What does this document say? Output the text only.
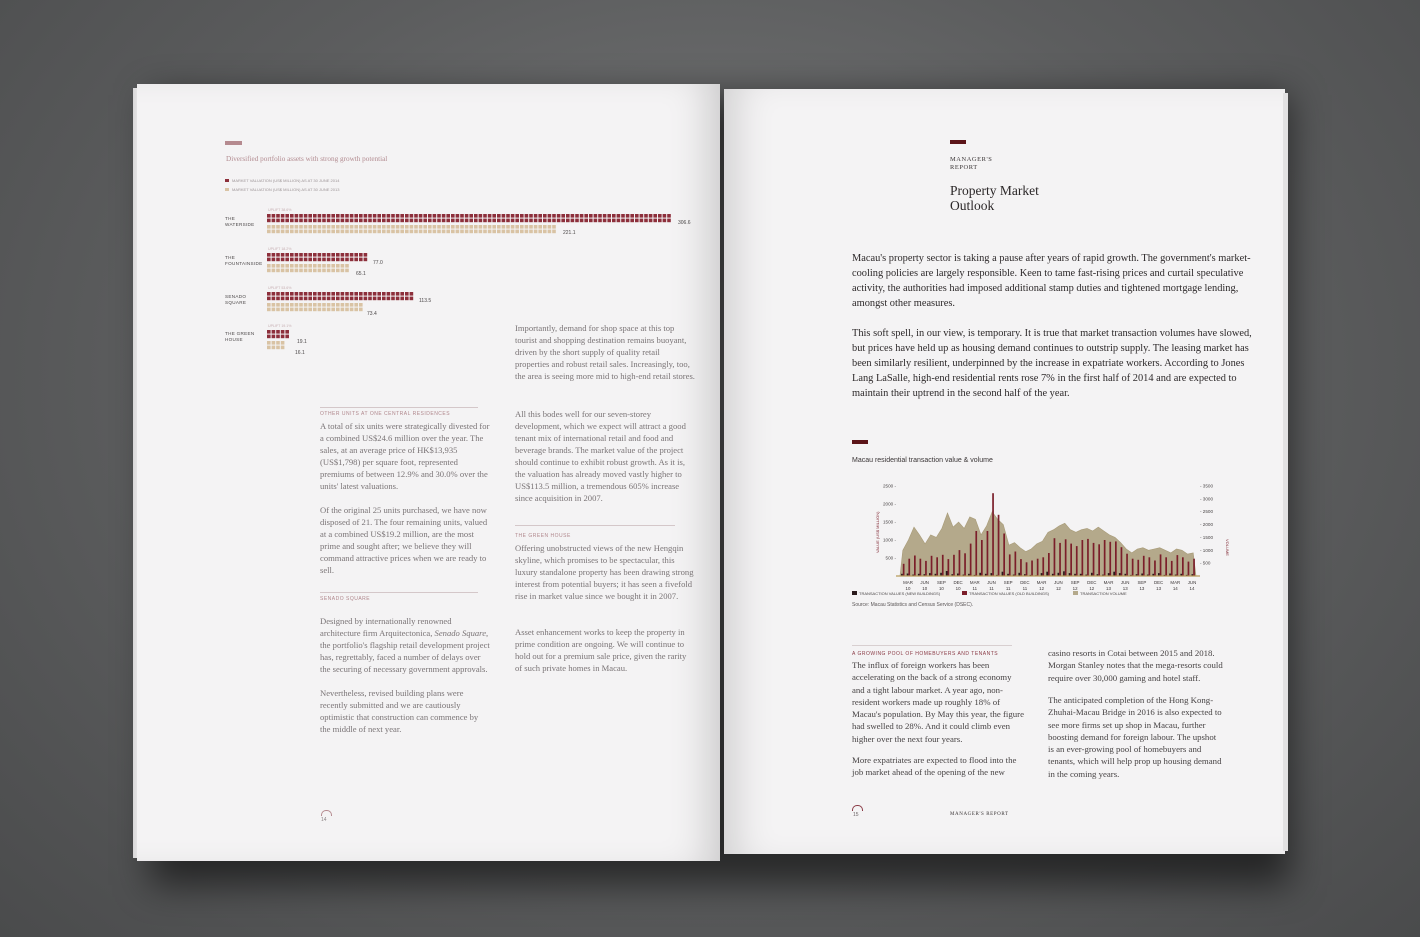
Diversified portfolio assets with strong growth potential
MARKET VALUATION (US$ MILLION) AS AT 30 JUNE 2014
MARKET VALUATION (US$ MILLION) AS AT 30 JUNE 2013
THE WATERSIDE
THE FOUNTAINSIDE
SENADO SQUARE
THE GREEN HOUSE
UPLIFT 38.6%
UPLIFT 18.2%
UPLIFT 53.6%
UPLIFT 19.1%
306.6
221.1
77.0
65.1
113.5
73.4
19.1
16.1
OTHER UNITS AT ONE CENTRAL RESIDENCES
A total of six units were strategically divested for a combined US$24.6 million over the year. The sales, at an average price of HK$13,935 (US$1,798) per square foot, represented premiums of between 12.9% and 30.0% over the units' latest valuations.
Of the original 25 units purchased, we have now disposed of 21. The four remaining units, valued at a combined US$19.2 million, are the most prime and sought after; we believe they will command attractive prices when we are ready to sell.
SENADO SQUARE
Designed by internationally renowned architecture firm Arquitectonica, Senado Square, the portfolio's flagship retail development project has, regrettably, faced a number of delays over the securing of necessary government approvals.
Nevertheless, revised building plans were recently submitted and we are cautiously optimistic that construction can commence by the middle of next year.
Importantly, demand for shop space at this top tourist and shopping destination remains buoyant, driven by the short supply of quality retail properties and robust retail sales. Increasingly, too, the area is seeing more mid to high-end retail stores.
All this bodes well for our seven-storey development, which we expect will attract a good tenant mix of international retail and food and beverage brands. The market value of the project should continue to exhibit robust growth. As it is, the valuation has already moved vastly higher to US$113.5 million, a tremendous 605% increase since acquisition in 2007.
THE GREEN HOUSE
Offering unobstructed views of the new Hengqin skyline, which promises to be spectacular, this luxury standalone property has been drawing strong interest from potential buyers; it has seen a fivefold rise in market value since we bought it in 2007.
Asset enhancement works to keep the property in prime condition are ongoing. We will continue to hold out for a premium sale price, given the rarity of such private homes in Macau.
14
MANAGER'S REPORT
Property Market
Outlook
Macau's property sector is taking a pause after years of rapid growth. The government's market-cooling policies are largely responsible. Keen to tame fast-rising prices and curtail speculative activity, the authorities had imposed additional stamp duties and tightened mortgage lending, amongst other measures.
This soft spell, in our view, is temporary. It is true that market transaction volumes have slowed, but prices have held up as housing demand continues to outstrip supply. The leasing market has been similarly resilient, underpinned by the increase in expatriate workers. According to Jones Lang LaSalle, high-end residential rents rose 7% in the first half of 2014 and are expected to maintain their uptrend in the second half of the year.
Macau residential transaction value & volume
2500 -
2000 -
1500 -
1000 -
500 -
- 3500
- 3000
- 2500
- 2000
- 1500
- 1000
- 500
VALUE (US$ MILLION)	VOLUME
MAR
10
JUN
10
SEP
10
DEC
10
MAR
11
JUN
11
SEP
11
DEC
11
MAR
12
JUN
12
SEP
12
DEC
12
MAR
13
JUN
13
SEP
13
DEC
13
MAR
14
JUN
14
TRANSACTION VALUES (NEW BUILDINGS)	TRANSACTION VALUES (OLD BUILDINGS)	TRANSACTION VOLUME
Source: Macau Statistics and Census Service (DSEC).
A GROWING POOL OF HOMEBUYERS AND TENANTS
The influx of foreign workers has been accelerating on the back of a strong economy and a tight labour market. A year ago, non-resident workers made up roughly 18% of Macau's population. By May this year, the figure had swelled to 28%. And it could climb even higher over the next four years.
More expatriates are expected to flood into the job market ahead of the opening of the new
casino resorts in Cotai between 2015 and 2018. Morgan Stanley notes that the mega-resorts could require over 30,000 gaming and hotel staff.
The anticipated completion of the Hong Kong-Zhuhai-Macau Bridge in 2016 is also expected to see more firms set up shop in Macau, further boosting demand for foreign labour. The upshot is an ever-growing pool of homebuyers and tenants, which will help prop up housing demand in the coming years.
15	MANAGER'S REPORT
